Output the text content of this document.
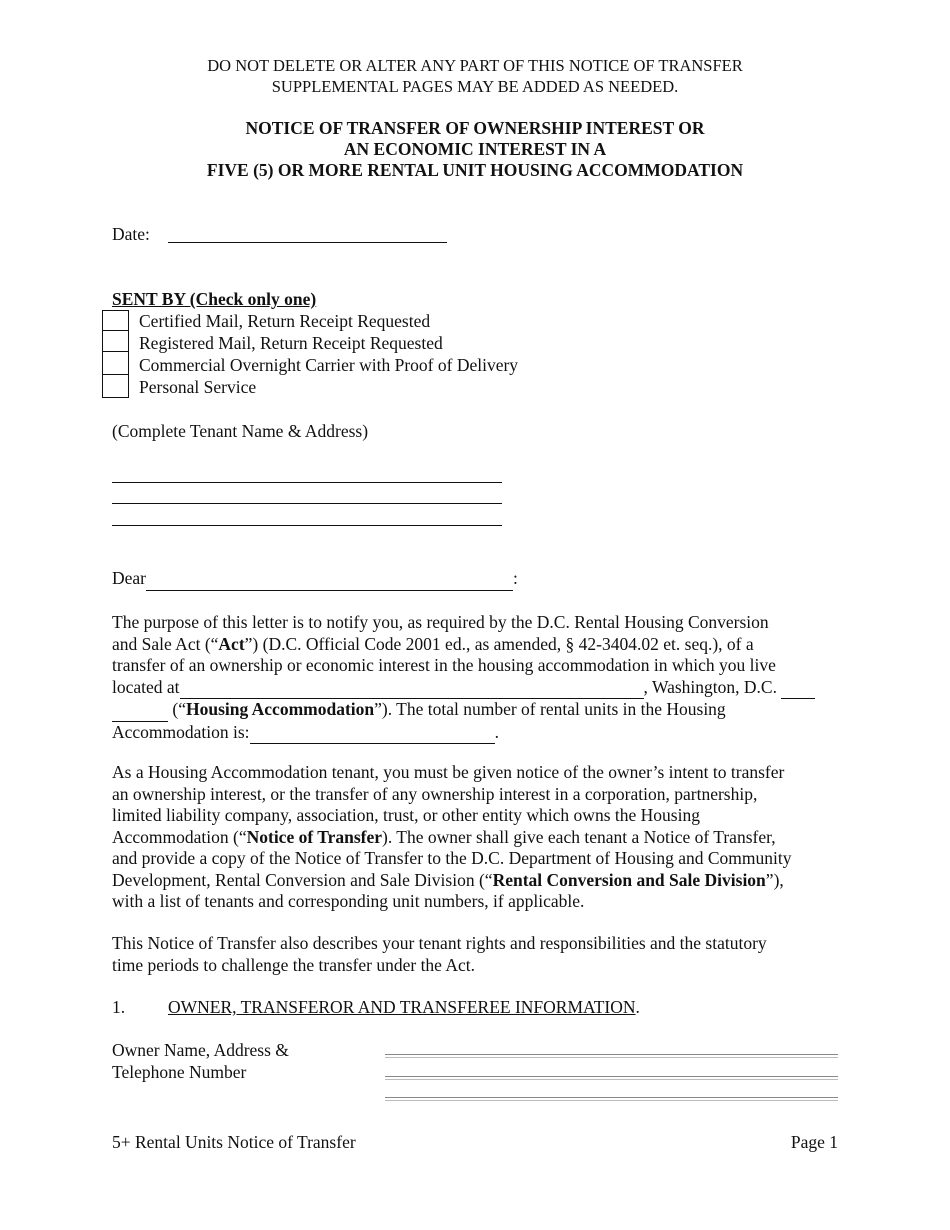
DO NOT DELETE OR ALTER ANY PART OF THIS NOTICE OF TRANSFER
SUPPLEMENTAL PAGES MAY BE ADDED AS NEEDED.
NOTICE OF TRANSFER OF OWNERSHIP INTEREST OR
AN ECONOMIC INTEREST IN A
FIVE (5) OR MORE RENTAL UNIT HOUSING ACCOMMODATION
Date:
SENT BY (Check only one)
Certified Mail, Return Receipt Requested
Registered Mail, Return Receipt Requested
Commercial Overnight Carrier with Proof of Delivery
Personal Service
(Complete Tenant Name & Address)
Dear	:
The purpose of this letter is to notify you, as required by the D.C. Rental Housing Conversion
and Sale Act (“Act”) (D.C. Official Code 2001 ed., as amended, § 42-3404.02 et. seq.), of a
transfer of an ownership or economic interest in the housing accommodation in which you live
located at	, Washington, D.C.
(“Housing Accommodation”). The total number of rental units in the Housing
Accommodation is:	.
As a Housing Accommodation tenant, you must be given notice of the owner’s intent to transfer
an ownership interest, or the transfer of any ownership interest in a corporation, partnership,
limited liability company, association, trust, or other entity which owns the Housing
Accommodation (“Notice of Transfer). The owner shall give each tenant a Notice of Transfer,
and provide a copy of the Notice of Transfer to the D.C. Department of Housing and Community
Development, Rental Conversion and Sale Division (“Rental Conversion and Sale Division”),
with a list of tenants and corresponding unit numbers, if applicable.
This Notice of Transfer also describes your tenant rights and responsibilities and the statutory
time periods to challenge the transfer under the Act.
1. OWNER, TRANSFEROR AND TRANSFEREE INFORMATION.
Owner Name, Address &
Telephone Number
5+ Rental Units Notice of Transfer	Page 1
